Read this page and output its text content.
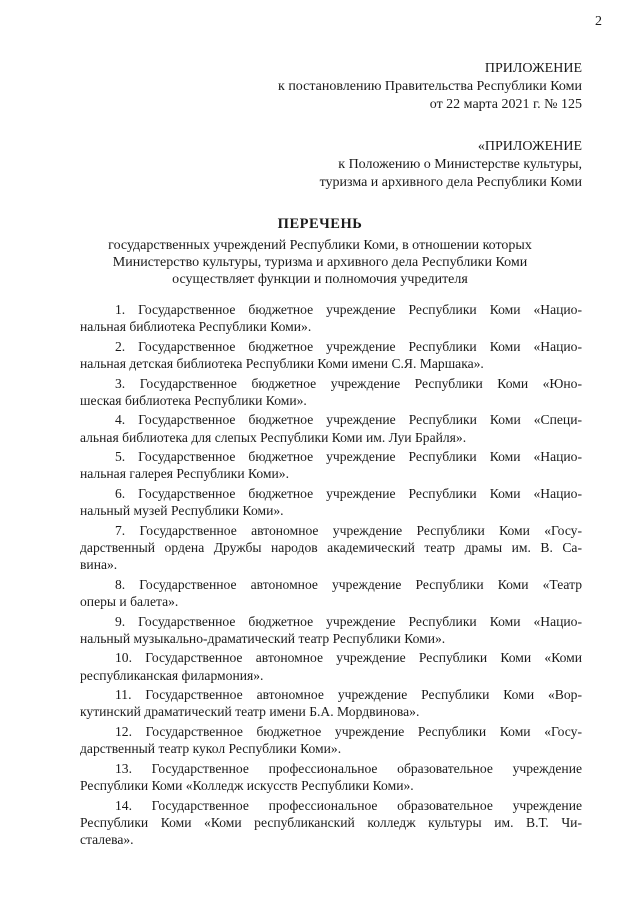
2
ПРИЛОЖЕНИЕ
к постановлению Правительства Республики Коми
от 22 марта 2021 г. № 125
«ПРИЛОЖЕНИЕ
к Положению о Министерстве культуры,
туризма и архивного дела Республики Коми
ПЕРЕЧЕНЬ
государственных учреждений Республики Коми, в отношении которых
Министерство культуры, туризма и архивного дела Республики Коми
осуществляет функции и полномочия учредителя
1. Государственное бюджетное учреждение Республики Коми «Нацио-
нальная библиотека Республики Коми».
2. Государственное бюджетное учреждение Республики Коми «Нацио-
нальная детская библиотека Республики Коми имени С.Я. Маршака».
3. Государственное бюджетное учреждение Республики Коми «Юно-
шеская библиотека Республики Коми».
4. Государственное бюджетное учреждение Республики Коми «Специ-
альная библиотека для слепых Республики Коми им. Луи Брайля».
5. Государственное бюджетное учреждение Республики Коми «Нацио-
нальная галерея Республики Коми».
6. Государственное бюджетное учреждение Республики Коми «Нацио-
нальный музей Республики Коми».
7. Государственное автономное учреждение Республики Коми «Госу-
дарственный ордена Дружбы народов академический театр драмы им. В. Са-
вина».
8. Государственное автономное учреждение Республики Коми «Театр
оперы и балета».
9. Государственное бюджетное учреждение Республики Коми «Нацио-
нальный музыкально-драматический театр Республики Коми».
10. Государственное автономное учреждение Республики Коми «Коми
республиканская филармония».
11. Государственное автономное учреждение Республики Коми «Вор-
кутинский драматический театр имени Б.А. Мордвинова».
12. Государственное бюджетное учреждение Республики Коми «Госу-
дарственный театр кукол Республики Коми».
13. Государственное профессиональное образовательное учреждение
Республики Коми «Колледж искусств Республики Коми».
14. Государственное профессиональное образовательное учреждение
Республики Коми «Коми республиканский колледж культуры им. В.Т. Чи-
сталева».
